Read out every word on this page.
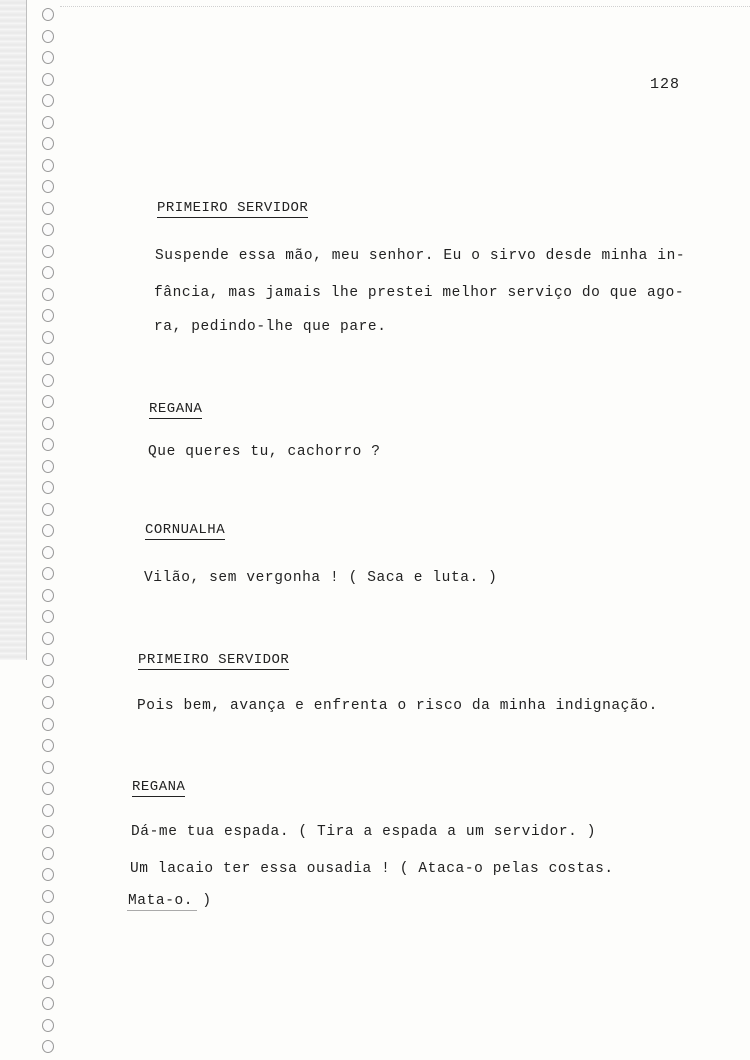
128
PRIMEIRO SERVIDOR
Suspende essa mão, meu senhor. Eu o sirvo desde minha in-
fância, mas jamais lhe prestei melhor serviço do que ago-
ra, pedindo-lhe que pare.
REGANA
Que queres tu, cachorro ?
CORNUALHA
Vilão, sem vergonha ! ( Saca e luta. )
PRIMEIRO SERVIDOR
Pois bem, avança e enfrenta o risco da minha indignação.
REGANA
Dá-me tua espada. ( Tira a espada a um servidor. )
Um lacaio ter essa ousadia ! ( Ataca-o pelas costas.
Mata-o. )
